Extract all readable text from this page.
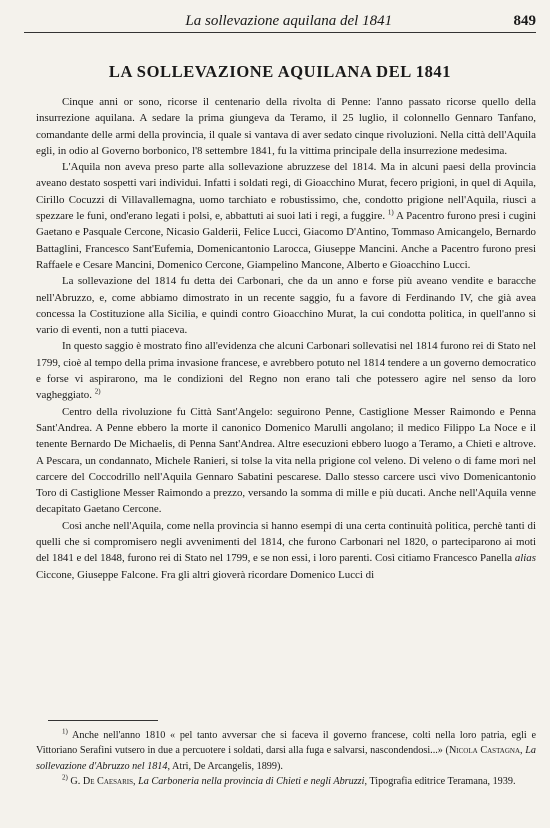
La sollevazione aquilana del 1841	849
LA SOLLEVAZIONE AQUILANA DEL 1841

Cinque anni or sono, ricorse il centenario della rivolta di Penne: l'anno passato ricorse quello della insurrezione aquilana. A sedare la prima giungeva da Teramo, il 25 luglio, il colonnello Gennaro Tanfano, comandante delle armi della provincia, il quale si vantava di aver sedato cinque rivoluzioni. Nella città dell'Aquila egli, in odio al Governo borbonico, l'8 settembre 1841, fu la vittima principale della insurrezione medesima.

L'Aquila non aveva preso parte alla sollevazione abruzzese del 1814. Ma in alcuni paesi della provincia aveano destato sospetti vari individui. Infatti i soldati regi, di Gioacchino Murat, fecero prigioni, in quel di Aquila, Cirillo Cocuzzi di Villavallemagna, uomo tarchiato e robustissimo, che, condotto prigione nell'Aquila, riuscì a spezzare le funi, ond'erano legati i polsi, e, abbattuti ai suoi lati i regi, a fuggire. $^{1)}$ A Pacentro furono presi i cugini Gaetano e Pasquale Cercone, Nicasio Galderii, Felice Lucci, Giacomo D'Antino, Tommaso Amicangelo, Bernardo Battaglini, Francesco Sant'Eufemia, Domenicantonio Larocca, Giuseppe Mancini. Anche a Pacentro furono presi Raffaele e Cesare Mancini, Domenico Cercone, Giampelino Mancone, Alberto e Gioacchino Lucci.

La sollevazione del 1814 fu detta dei Carbonari, che da un anno e forse più aveano vendite e baracche nell'Abruzzo, e, come abbiamo dimostrato in un recente saggio, fu a favore di Ferdinando IV, che già avea concessa la Costituzione alla Sicilia, e quindi contro Gioacchino Murat, la cui condotta politica, in quell'anno si vario di eventi, non a tutti piaceva.

In questo saggio è mostrato fino all'evidenza che alcuni Carbonari sollevatisi nel 1814 furono rei di Stato nel 1799, cioè al tempo della prima invasione francese, e avrebbero potuto nel 1814 tendere a un governo democratico e forse vi aspirarono, ma le condizioni del Regno non erano tali che potessero agire nel senso da loro vagheggiato. $^{2)}$

Centro della rivoluzione fu Città Sant'Angelo: seguirono Penne, Castiglione Messer Raimondo e Penna Sant'Andrea. A Penne ebbero la morte il canonico Domenico Marulli angolano; il medico Filippo La Noce e il tenente Bernardo De Michaelis, di Penna Sant'Andrea. Altre esecuzioni ebbero luogo a Teramo, a Chieti e altrove. A Pescara, un condannato, Michele Ranieri, si tolse la vita nella prigione col veleno. Di veleno o di fame morì nel carcere del Coccodrillo nell'Aquila Gennaro Sabatini pescarese. Dallo stesso carcere uscì vivo Domenicantonio Toro di Castiglione Messer Raimondo a prezzo, versando la somma di mille e più ducati. Anche nell'Aquila venne decapitato Gaetano Cercone.

Così anche nell'Aquila, come nella provincia si hanno esempi di una certa continuità politica, perchè tanti di quelli che si compromisero negli avvenimenti del 1814, che furono Carbonari nel 1820, o parteciparono ai moti del 1841 e del 1848, furono rei di Stato nel 1799, e se non essi, i loro parenti. Così citiamo Francesco Panella alias Ciccone, Giuseppe Falcone. Fra gli altri gioverà ricordare Domenico Lucci di

$^{1)}$ Anche nell'anno 1810 « pel tanto avversar che si faceva il governo francese, colti nella loro patria, egli e Vittoriano Serafini vutsero in due a percuotere i soldati, darsi alla fuga e salvarsi, nascondendosi...» (Nicola Castagna, La sollevazione d'Abruzzo nel 1814, Atri, De Arcangelis, 1899).

$^{2)}$ G. De Caesaris, La Carboneria nella provincia di Chieti e negli Abruzzi, Tipografia editrice Teramana, 1939.
